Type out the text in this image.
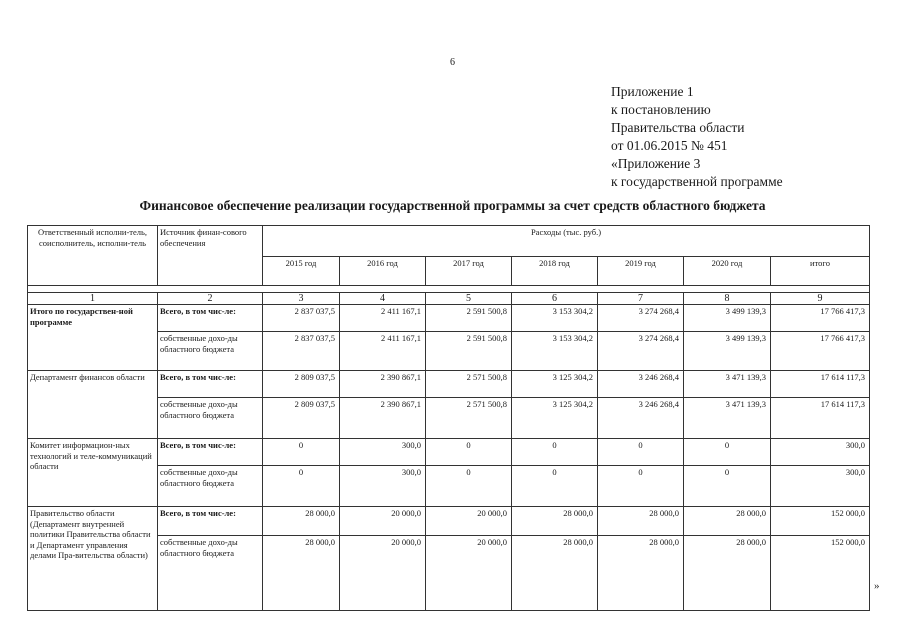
6
Приложение 1
к постановлению
Правительства области
от 01.06.2015 № 451
«Приложение 3
к государственной программе
Финансовое обеспечение реализации государственной программы за счет средств областного бюджета
Ответственный исполни-тель, соисполнитель, исполни-тель	Источник финан-сового обеспечения	Расходы (тыс. руб.)						
		2015 год	2016 год	2017 год	2018 год	2019 год	2020 год	итого

1	2	3	4	5	6	7	8	9
Итого по государствен-ной программе	Всего, в том чис-ле:	2 837 037,5	2 411 167,1	2 591 500,8	3 153 304,2	3 274 268,4	3 499 139,3	17 766 417,3
	собственные дохо-ды областного бюджета	2 837 037,5	2 411 167,1	2 591 500,8	3 153 304,2	3 274 268,4	3 499 139,3	17 766 417,3
Департамент финансов области	Всего, в том чис-ле:	2 809 037,5	2 390 867,1	2 571 500,8	3 125 304,2	3 246 268,4	3 471 139,3	17 614 117,3
	собственные дохо-ды областного бюджета	2 809 037,5	2 390 867,1	2 571 500,8	3 125 304,2	3 246 268,4	3 471 139,3	17 614 117,3
Комитет информацион-ных технологий и теле-коммуникаций области	Всего, в том чис-ле:	0	300,0	0	0	0	0	300,0
	собственные дохо-ды областного бюджета	0	300,0	0	0	0	0	300,0
Правительство области (Департамент внутренней политики Правительства области и Департамент управления делами Пра-вительства области)	Всего, в том чис-ле:	28 000,0	20 000,0	20 000,0	28 000,0	28 000,0	28 000,0	152 000,0
	собственные дохо-ды областного бюджета	28 000,0	20 000,0	20 000,0	28 000,0	28 000,0	28 000,0	152 000,0
»
